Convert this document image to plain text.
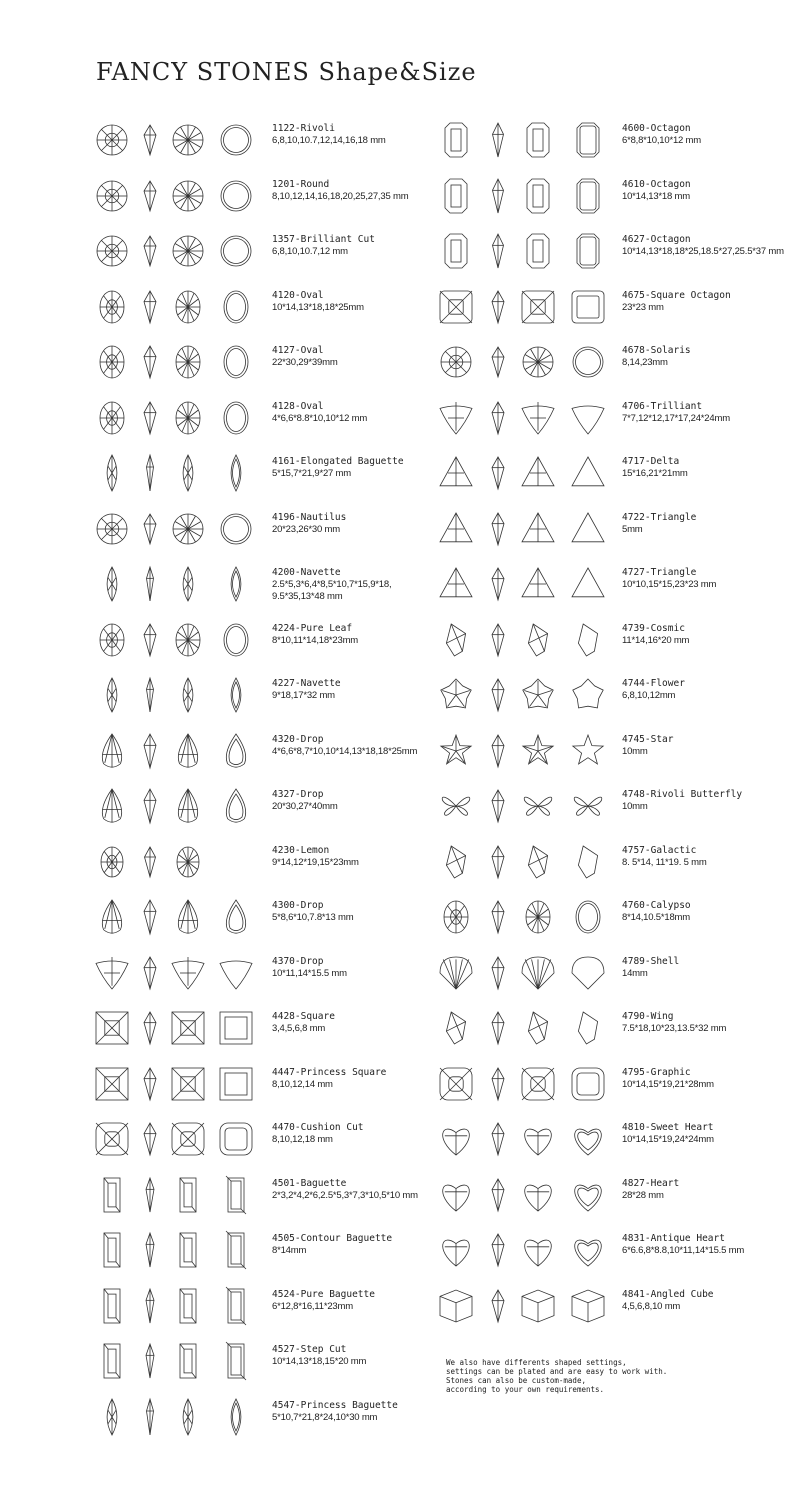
FANCY STONES Shape&Size
1122-Rivoli
6,8,10,10.7,12,14,16,18 mm
1201-Round
8,10,12,14,16,18,20,25,27,35 mm
1357-Brilliant Cut
6,8,10,10.7,12 mm
4120-Oval
10*14,13*18,18*25mm
4127-Oval
22*30,29*39mm
4128-Oval
4*6,6*8.8*10,10*12 mm
4161-Elongated Baguette
5*15,7*21,9*27 mm
4196-Nautilus
20*23,26*30 mm
4200-Navette
2.5*5,3*6,4*8,5*10,7*15,9*18,
9.5*35,13*48 mm
4224-Pure Leaf
8*10,11*14,18*23mm
4227-Navette
9*18,17*32 mm
4320-Drop
4*6,6*8,7*10,10*14,13*18,18*25mm
4327-Drop
20*30,27*40mm
4230-Lemon
9*14,12*19,15*23mm
4300-Drop
5*8,6*10,7.8*13 mm
4370-Drop
10*11,14*15.5 mm
4428-Square
3,4,5,6,8 mm
4447-Princess Square
8,10,12,14 mm
4470-Cushion Cut
8,10,12,18 mm
4501-Baguette
2*3,2*4,2*6,2.5*5,3*7,3*10,5*10 mm
4505-Contour Baguette
8*14mm
4524-Pure Baguette
6*12,8*16,11*23mm
4527-Step Cut
10*14,13*18,15*20 mm
4547-Princess Baguette
5*10,7*21,8*24,10*30 mm
4600-Octagon
6*8,8*10,10*12 mm
4610-Octagon
10*14,13*18 mm
4627-Octagon
10*14,13*18,18*25,18.5*27,25.5*37 mm
4675-Square Octagon
23*23 mm
4678-Solaris
8,14,23mm
4706-Trilliant
7*7,12*12,17*17,24*24mm
4717-Delta
15*16,21*21mm
4722-Triangle
5mm
4727-Triangle
10*10,15*15,23*23 mm
4739-Cosmic
11*14,16*20 mm
4744-Flower
6,8,10,12mm
4745-Star
10mm
4748-Rivoli Butterfly
10mm
4757-Galactic
8. 5*14, 11*19. 5 mm
4760-Calypso
8*14,10.5*18mm
4789-Shell
14mm
4790-Wing
7.5*18,10*23,13.5*32 mm
4795-Graphic
10*14,15*19,21*28mm
4810-Sweet Heart
10*14,15*19,24*24mm
4827-Heart
28*28 mm
4831-Antique Heart
6*6.6,8*8.8,10*11,14*15.5 mm
4841-Angled Cube
4,5,6,8,10 mm
We also have differents shaped settings,
settings can be plated and are easy to work with.
Stones can also be custom-made,
according to your own requirements.
